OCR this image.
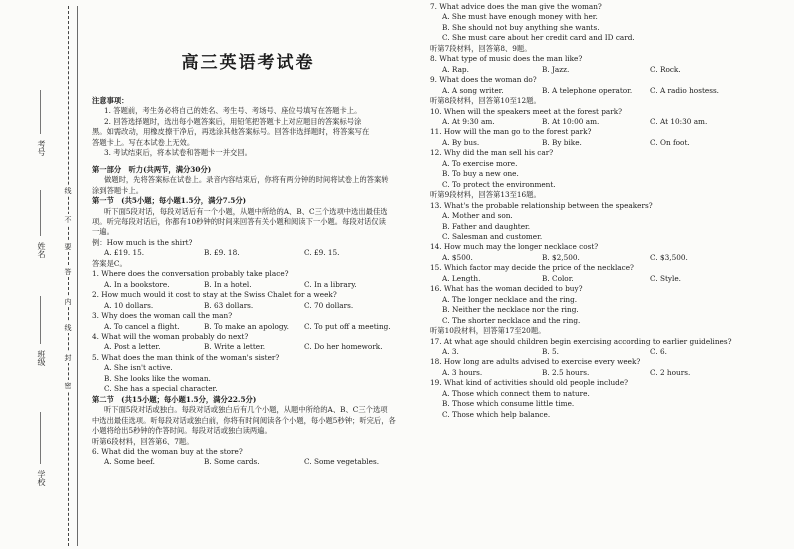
考号
姓名
班级
学校
线
不
要
答
内
线
封
密
高三英语考试卷
注意事项：
1. 答题前，考生务必将自己的姓名、考生号、考场号、座位号填写在答题卡上。
2. 回答选择题时，选出每小题答案后，用铅笔把答题卡上对应题目的答案标号涂
黑。如需改动，用橡皮擦干净后，再选涂其他答案标号。回答非选择题时，将答案写在
答题卡上。写在本试卷上无效。
3. 考试结束后，将本试卷和答题卡一并交回。
第一部分　听力(共两节，满分30分)
做题时，先将答案标在试卷上。录音内容结束后，你将有两分钟的时间将试卷上的答案转
涂到答题卡上。
第一节　(共5小题；每小题1.5分，满分7.5分)
听下面5段对话，每段对话后有一个小题，从题中所给的A、B、C三个选项中选出最佳选
项。听完每段对话后，你都有10秒钟的时间来回答有关小题和阅读下一小题。每段对话仅读
一遍。
例：How much is the shirt?
A. £19. 15.	B. £9. 18.	C. £9. 15.
答案是C。
1. Where does the conversation probably take place?
A. In a bookstore.	B. In a hotel.	C. In a library.
2. How much would it cost to stay at the Swiss Chalet for a week?
A. 10 dollars.	B. 63 dollars.	C. 70 dollars.
3. Why does the woman call the man?
A. To cancel a flight.	B. To make an apology.	C. To put off a meeting.
4. What will the woman probably do next?
A. Post a letter.	B. Write a letter.	C. Do her homework.
5. What does the man think of the woman's sister?
A. She isn't active.
B. She looks like the woman.
C. She has a special character.
第二节　(共15小题；每小题1.5分，满分22.5分)
听下面5段对话或独白。每段对话或独白后有几个小题，从题中所给的A、B、C三个选项
中选出最佳选项。听每段对话或独白前，你将有时间阅读各个小题，每小题5秒钟；听完后，各
小题将给出5秒钟的作答时间。每段对话或独白读两遍。
听第6段材料，回答第6、7题。
6. What did the woman buy at the store?
A. Some beef.	B. Some cards.	C. Some vegetables.
7. What advice does the man give the woman?
A. She must have enough money with her.
B. She should not buy anything she wants.
C. She must care about her credit card and ID card.
听第7段材料，回答第8、9题。
8. What type of music does the man like?
A. Rap.	B. Jazz.	C. Rock.
9. What does the woman do?
A. A song writer.	B. A telephone operator.	C. A radio hostess.
听第8段材料，回答第10至12题。
10. When will the speakers meet at the forest park?
A. At 9:30 am.	B. At 10:00 am.	C. At 10:30 am.
11. How will the man go to the forest park?
A. By bus.	B. By bike.	C. On foot.
12. Why did the man sell his car?
A. To exercise more.
B. To buy a new one.
C. To protect the environment.
听第9段材料，回答第13至16题。
13. What's the probable relationship between the speakers?
A. Mother and son.
B. Father and daughter.
C. Salesman and customer.
14. How much may the longer necklace cost?
A. $500.	B. $2,500.	C. $3,500.
15. Which factor may decide the price of the necklace?
A. Length.	B. Color.	C. Style.
16. What has the woman decided to buy?
A. The longer necklace and the ring.
B. Neither the necklace nor the ring.
C. The shorter necklace and the ring.
听第10段材料，回答第17至20题。
17. At what age should children begin exercising according to earlier guidelines?
A. 3.	B. 5.	C. 6.
18. How long are adults advised to exercise every week?
A. 3 hours.	B. 2.5 hours.	C. 2 hours.
19. What kind of activities should old people include?
A. Those which connect them to nature.
B. Those which consume little time.
C. Those which help balance.
